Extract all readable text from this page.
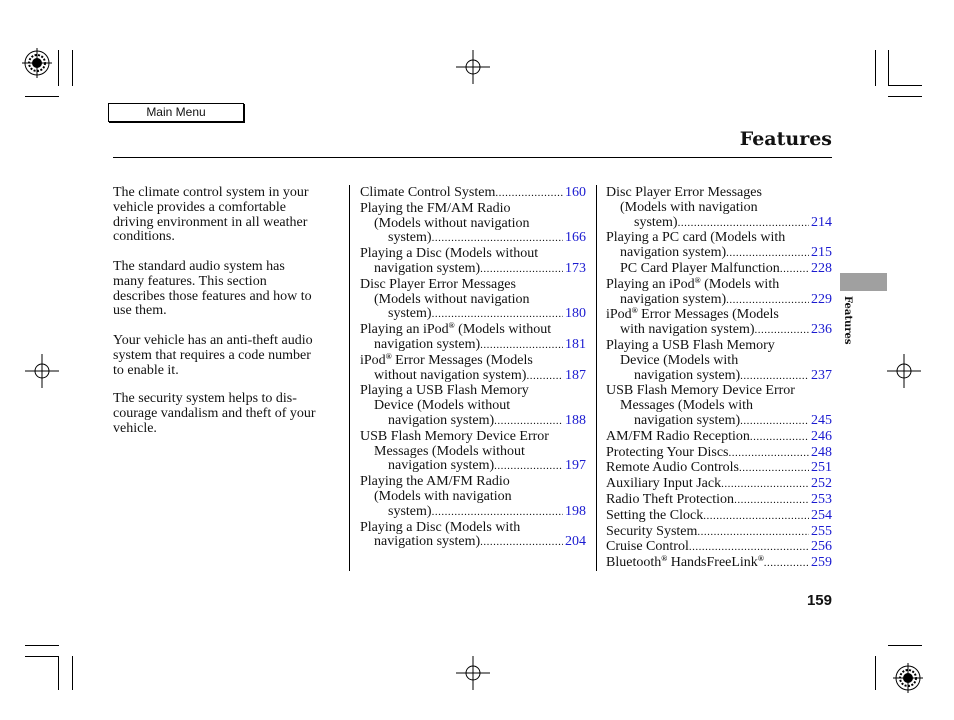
Main Menu
Features
The climate control system in your
vehicle provides a comfortable
driving environment in all weather
conditions.
The standard audio system has
many features. This section
describes those features and how to
use them.
Your vehicle has an anti-theft audio
system that requires a code number
to enable it.
The security system helps to dis-
courage vandalism and theft of your
vehicle.
Climate Control System .....	160
Playing the FM/AM Radio
(Models without navigation
system) .....	166
Playing a Disc (Models without
navigation system) .....	173
Disc Player Error Messages
(Models without navigation
system) .....	180
Playing an iPod® (Models without
navigation system) .....	181
iPod® Error Messages (Models
without navigation system) .....	187
Playing a USB Flash Memory
Device (Models without
navigation system) .....	188
USB Flash Memory Device Error
Messages (Models without
navigation system) .....	197
Playing the AM/FM Radio
(Models with navigation
system) .....	198
Playing a Disc (Models with
navigation system) .....	204
Disc Player Error Messages
(Models with navigation
system) .....	214
Playing a PC card (Models with
navigation system) .....	215
PC Card Player Malfunction ..... 228
Playing an iPod® (Models with
navigation system) .....	229
iPod® Error Messages (Models
with navigation system) .....	236
Playing a USB Flash Memory
Device (Models with
navigation system) .....	237
USB Flash Memory Device Error
Messages (Models with
navigation system) .....	245
AM/FM Radio Reception .....	246
Protecting Your Discs .....	248
Remote Audio Controls .....	251
Auxiliary Input Jack .....	252
Radio Theft Protection .....	253
Setting the Clock .....	254
Security System .....	255
Cruise Control .....	256
Bluetooth® HandsFreeLink® .....	259
Features
159
